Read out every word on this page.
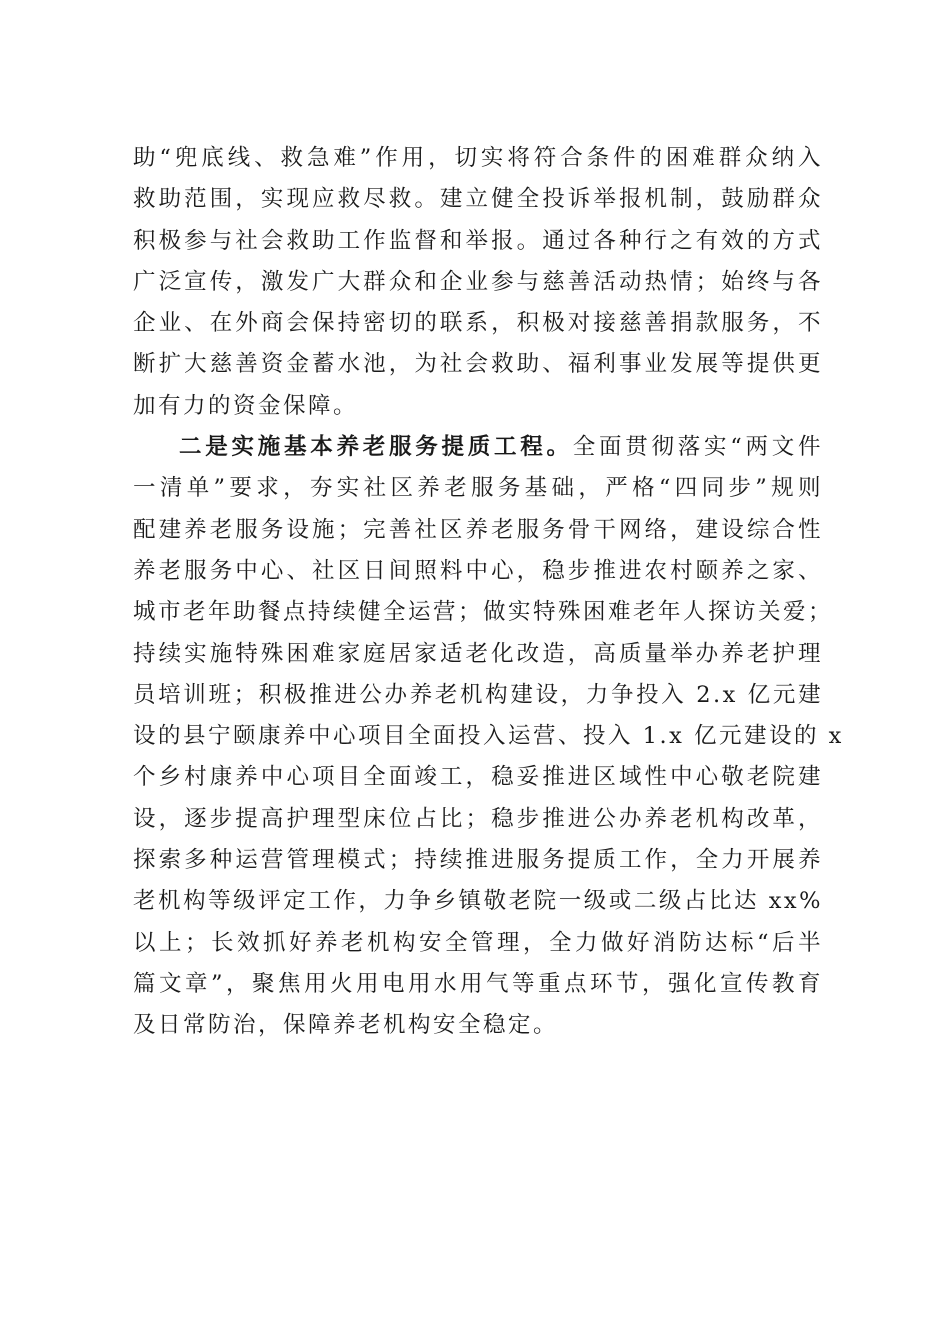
助“兜底线、救急难”作用，切实将符合条件的困难群众纳入
救助范围，实现应救尽救。建立健全投诉举报机制，鼓励群众
积极参与社会救助工作监督和举报。通过各种行之有效的方式
广泛宣传，激发广大群众和企业参与慈善活动热情；始终与各
企业、在外商会保持密切的联系，积极对接慈善捐款服务，不
断扩大慈善资金蓄水池，为社会救助、福利事业发展等提供更
加有力的资金保障。
二是实施基本养老服务提质工程。全面贯彻落实“两文件
一清单”要求，夯实社区养老服务基础，严格“四同步”规则
配建养老服务设施；完善社区养老服务骨干网络，建设综合性
养老服务中心、社区日间照料中心，稳步推进农村颐养之家、
城市老年助餐点持续健全运营；做实特殊困难老年人探访关爱；
持续实施特殊困难家庭居家适老化改造，高质量举办养老护理
员培训班；积极推进公办养老机构建设，力争投入 2.x 亿元建
设的县宁颐康养中心项目全面投入运营、投入 1.x 亿元建设的 x
个乡村康养中心项目全面竣工，稳妥推进区域性中心敬老院建
设，逐步提高护理型床位占比；稳步推进公办养老机构改革，
探索多种运营管理模式；持续推进服务提质工作，全力开展养
老机构等级评定工作，力争乡镇敬老院一级或二级占比达 xx%
以上；长效抓好养老机构安全管理，全力做好消防达标“后半
篇文章”，聚焦用火用电用水用气等重点环节，强化宣传教育
及日常防治，保障养老机构安全稳定。
